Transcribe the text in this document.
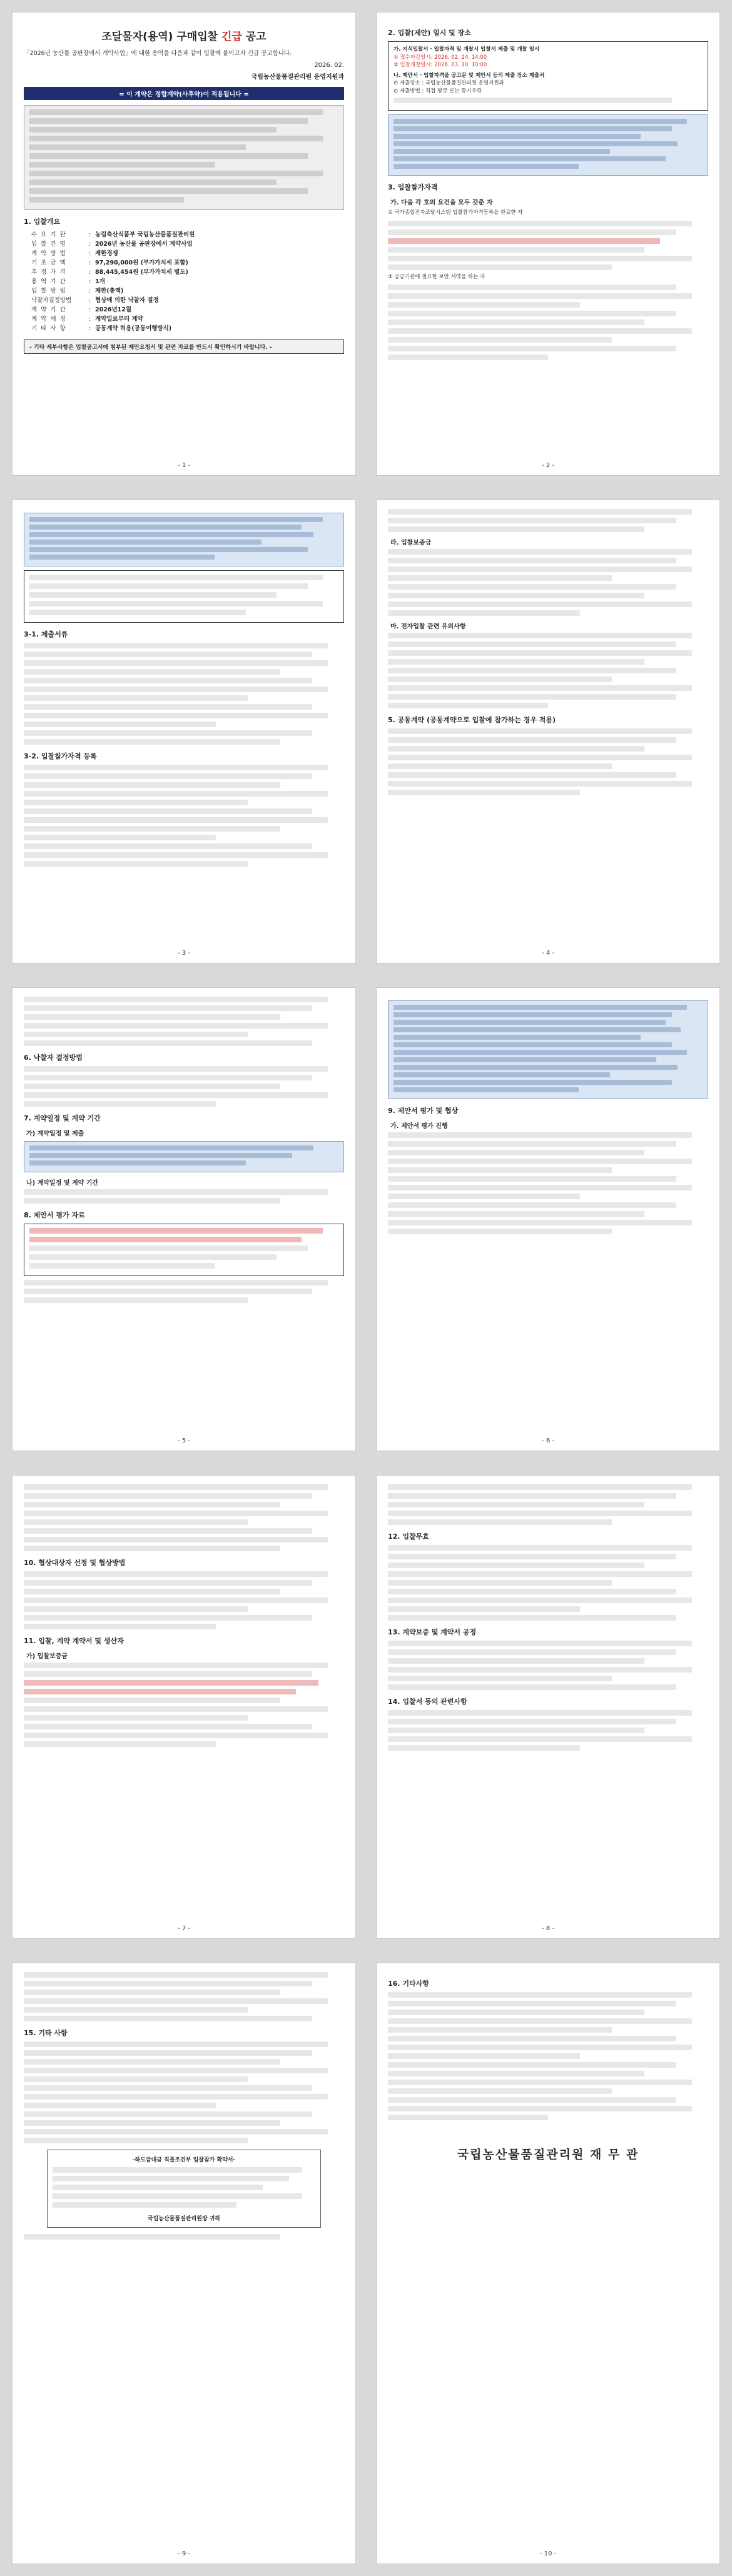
조달물자(용역) 구매입찰 긴급 공고

「2026년 농산물 공판장에서 계약사업」에 대한 용역을 다음과 같이 입찰에 붙이고자 긴급 공고합니다.

2026. 02.
국립농산물품질관리원 운영지원과
= 이 계약은 정합계약(사후약)이 적용됩니다 =
1. 입찰개요
수요기관	: 농림축산식품부 국립농산물품질관리원
입찰건명	: 2026년 농산물 공판장에서 계약사업
계약방법	: 제한경쟁
기초금액	: 97,290,000원 (부가가치세 포함)
추정가격	: 88,445,454원 (부가가치세 별도)
용역기간	: 1개
입찰방법	: 제한(총액)
낙찰자결정방법	: 협상에 의한 낙찰자 결정
계약기간	: 2026년12월
계약예정	: 계약일로부터 계약
기타사항	: 공동계약 허용(공동이행방식)
- 기타 세부사항은 입찰공고서에 첨부된 제안요청서 및 관련 자료를 반드시 확인하시기 바랍니다. -
- 1 -
2. 입찰(제안) 일시 및 장소
가. 지식입찰서 · 입찰자격 및 개찰시 입찰서 제출 및 개찰 일시
① 접수마감일시: 2026. 02. 24. 14:00
② 입찰개찰일시: 2026. 03. 10. 10:00
나. 제안서 · 입찰자격을 공고문 및 제안서 등의 제출 장소 제출처
⊙ 제출장소 : 국립농산물품질관리원 운영지원과
⊙ 제출방법 : 직접 방문 또는 등기우편
3. 입찰참가자격
가. 다음 각 호의 요건을 모두 갖춘 자
① 국가종합전자조달시스템 입찰참가자격등록을 완료한 자
② 공공기관에 필요한 보안 서약을 하는 자
- 2 -
3-1. 제출서류
3-2. 입찰참가자격 등록
- 3 -
라. 입찰보증금
마. 전자입찰 관련 유의사항
5. 공동계약 (공동계약으로 입찰에 참가하는 경우 적용)
- 4 -
6. 낙찰자 결정방법
7. 계약일정 및 계약 기간
가) 계약일정 및 제출
나) 계약일정 및 계약 기간
8. 제안서 평가 자료
- 5 -
9. 제안서 평가 및 협상
가. 제안서 평가 진행
- 6 -
10. 협상대상자 선정 및 협상방법
11. 입찰, 계약 계약서 및 생산자
가) 입찰보증금
- 7 -
12. 입찰무효
13. 계약보증 및 계약서 공정
14. 입찰서 등의 관련사항
- 8 -
15. 기타 사항
-하도급대금 직불조건부 입찰참가 확약서-
국립농산물품질관리원장 귀하
- 9 -
16. 기타사항
국립농산물품질관리원 재 무 관
- 10 -
